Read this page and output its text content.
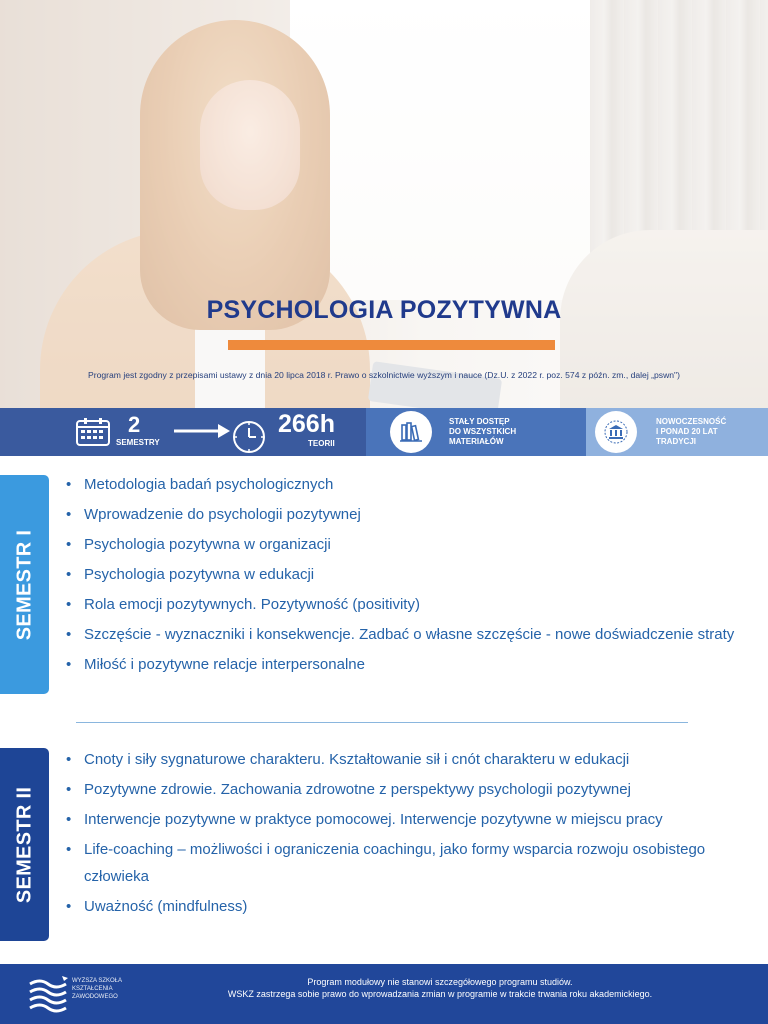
PSYCHOLOGIA POZYTYWNA
Program jest zgodny z przepisami ustawy z dnia 20 lipca 2018 r. Prawo o szkolnictwie wyższym i nauce (Dz.U. z 2022 r. poz. 574 z późn. zm., dalej „pswn")
2
SEMESTRY
266h
TEORII
STAŁY DOSTĘP
DO WSZYSTKICH
MATERIAŁÓW
NOWOCZESNOŚĆ
I PONAD 20 LAT
TRADYCJI
SEMESTR I
• Metodologia badań psychologicznych
• Wprowadzenie do psychologii pozytywnej
• Psychologia pozytywna w organizacji
• Psychologia pozytywna w edukacji
• Rola emocji pozytywnych. Pozytywność (positivity)
• Szczęście - wyznaczniki i konsekwencje. Zadbać o własne szczęście - nowe doświadczenie straty
• Miłość i pozytywne relacje interpersonalne
SEMESTR II
• Cnoty i siły sygnaturowe charakteru. Kształtowanie sił i cnót charakteru w edukacji
• Pozytywne zdrowie. Zachowania zdrowotne z perspektywy psychologii pozytywnej
• Interwencje pozytywne w praktyce pomocowej. Interwencje pozytywne w miejscu pracy
• Life-coaching – możliwości i ograniczenia coachingu, jako formy wsparcia rozwoju osobistego człowieka
• Uważność (mindfulness)
WYŻSZA SZKOŁA
KSZTAŁCENIA
ZAWODOWEGO
Program modułowy nie stanowi szczegółowego programu studiów.
WSKZ zastrzega sobie prawo do wprowadzania zmian w programie w trakcie trwania roku akademickiego.
